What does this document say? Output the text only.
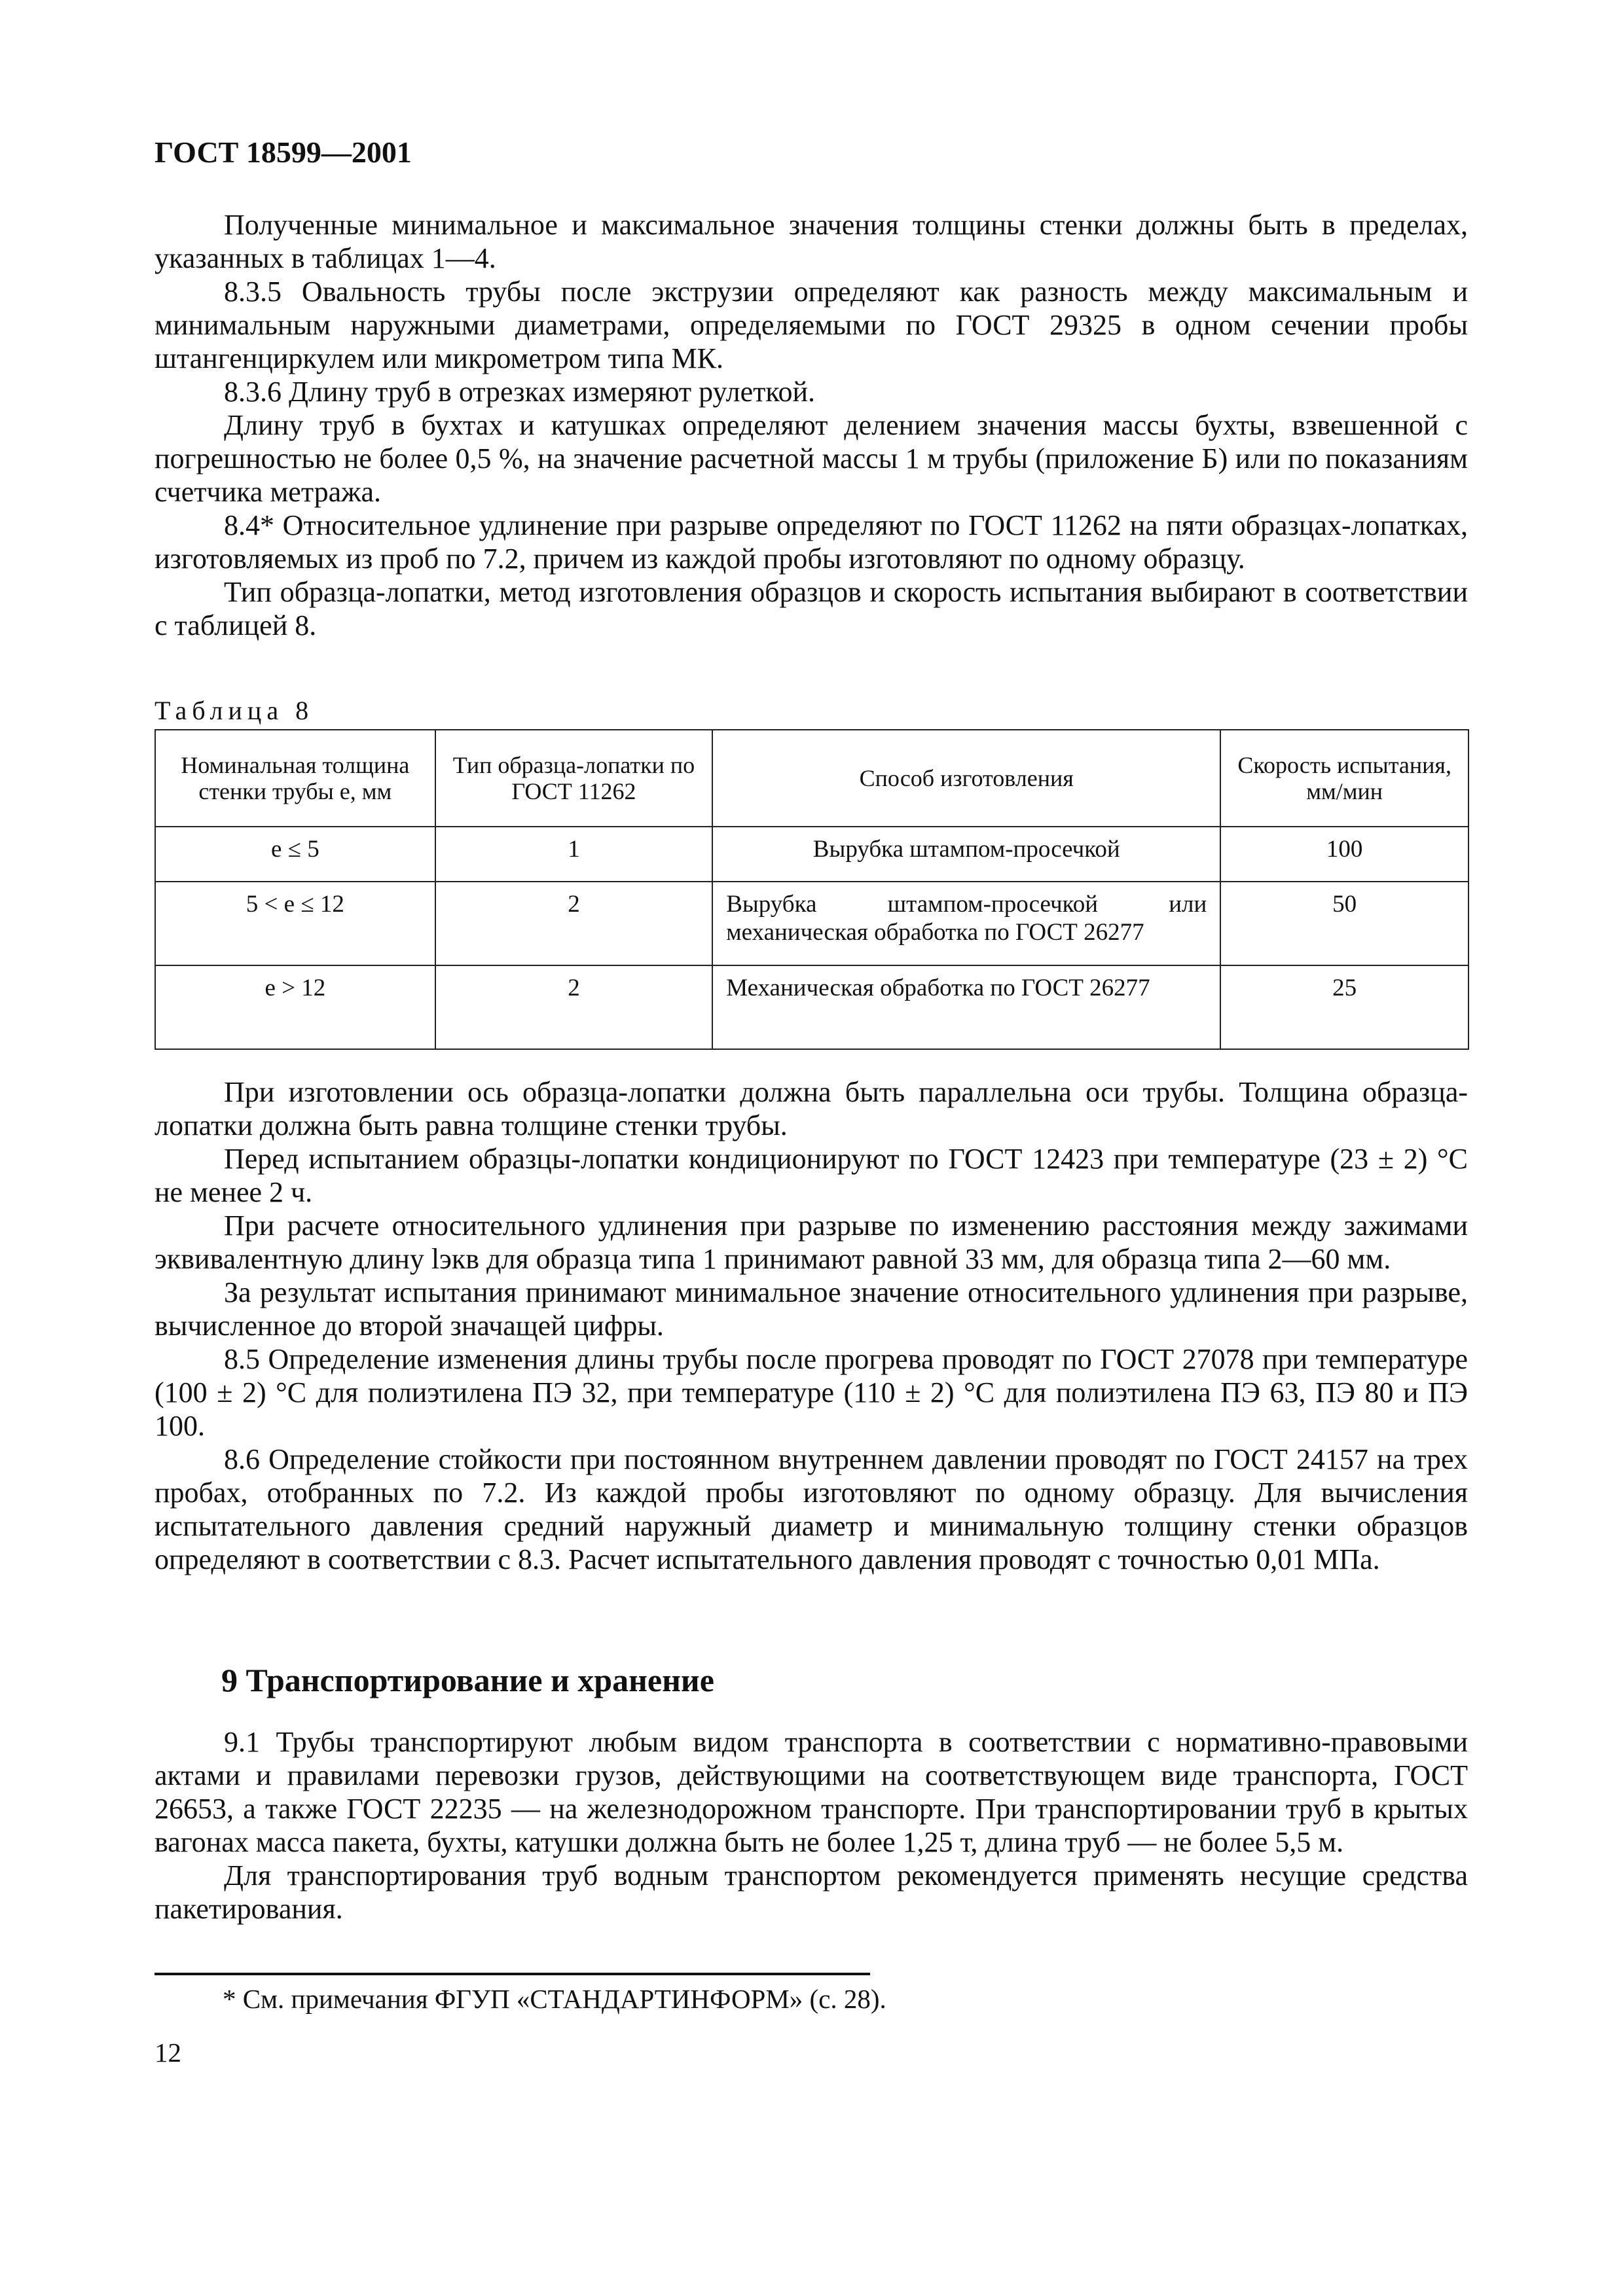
ГОСТ 18599—2001

Полученные минимальное и максимальное значения толщины стенки должны быть в пределах, указанных в таблицах 1—4.

8.3.5 Овальность трубы после экструзии определяют как разность между максимальным и минимальным наружными диаметрами, определяемыми по ГОСТ 29325 в одном сечении пробы штангенциркулем или микрометром типа МК.

8.3.6 Длину труб в отрезках измеряют рулеткой.

Длину труб в бухтах и катушках определяют делением значения массы бухты, взвешенной с погрешностью не более 0,5 %, на значение расчетной массы 1 м трубы (приложение Б) или по показаниям счетчика метража.

8.4* Относительное удлинение при разрыве определяют по ГОСТ 11262 на пяти образцах-лопатках, изготовляемых из проб по 7.2, причем из каждой пробы изготовляют по одному образцу.

Тип образца-лопатки, метод изготовления образцов и скорость испытания выбирают в соответствии с таблицей 8.

Таблица 8
Номинальная толщина стенки трубы e, мм	Тип образца-лопатки по ГОСТ 11262	Способ изготовления	Скорость испытания, мм/мин
e ≤ 5	1	Вырубка штампом-просечкой	100
5 < e ≤ 12	2	Вырубка штампом-просечкой или механическая обработка по ГОСТ 26277	50
e > 12	2	Механическая обработка по ГОСТ 26277	25

При изготовлении ось образца-лопатки должна быть параллельна оси трубы. Толщина образца-лопатки должна быть равна толщине стенки трубы.

Перед испытанием образцы-лопатки кондиционируют по ГОСТ 12423 при температуре (23 ± 2) °С не менее 2 ч.

При расчете относительного удлинения при разрыве по изменению расстояния между зажимами эквивалентную длину lэкв для образца типа 1 принимают равной 33 мм, для образца типа 2—60 мм.

За результат испытания принимают минимальное значение относительного удлинения при разрыве, вычисленное до второй значащей цифры.

8.5 Определение изменения длины трубы после прогрева проводят по ГОСТ 27078 при температуре (100 ± 2) °С для полиэтилена ПЭ 32, при температуре (110 ± 2) °С для полиэтилена ПЭ 63, ПЭ 80 и ПЭ 100.

8.6 Определение стойкости при постоянном внутреннем давлении проводят по ГОСТ 24157 на трех пробах, отобранных по 7.2. Из каждой пробы изготовляют по одному образцу. Для вычисления испытательного давления средний наружный диаметр и минимальную толщину стенки образцов определяют в соответствии с 8.3. Расчет испытательного давления проводят с точностью 0,01 МПа.

9 Транспортирование и хранение

9.1 Трубы транспортируют любым видом транспорта в соответствии с нормативно-правовыми актами и правилами перевозки грузов, действующими на соответствующем виде транспорта, ГОСТ 26653, а также ГОСТ 22235 — на железнодорожном транспорте. При транспортировании труб в крытых вагонах масса пакета, бухты, катушки должна быть не более 1,25 т, длина труб — не более 5,5 м.

Для транспортирования труб водным транспортом рекомендуется применять несущие средства пакетирования.

* См. примечания ФГУП «СТАНДАРТИНФОРМ» (с. 28).
12
